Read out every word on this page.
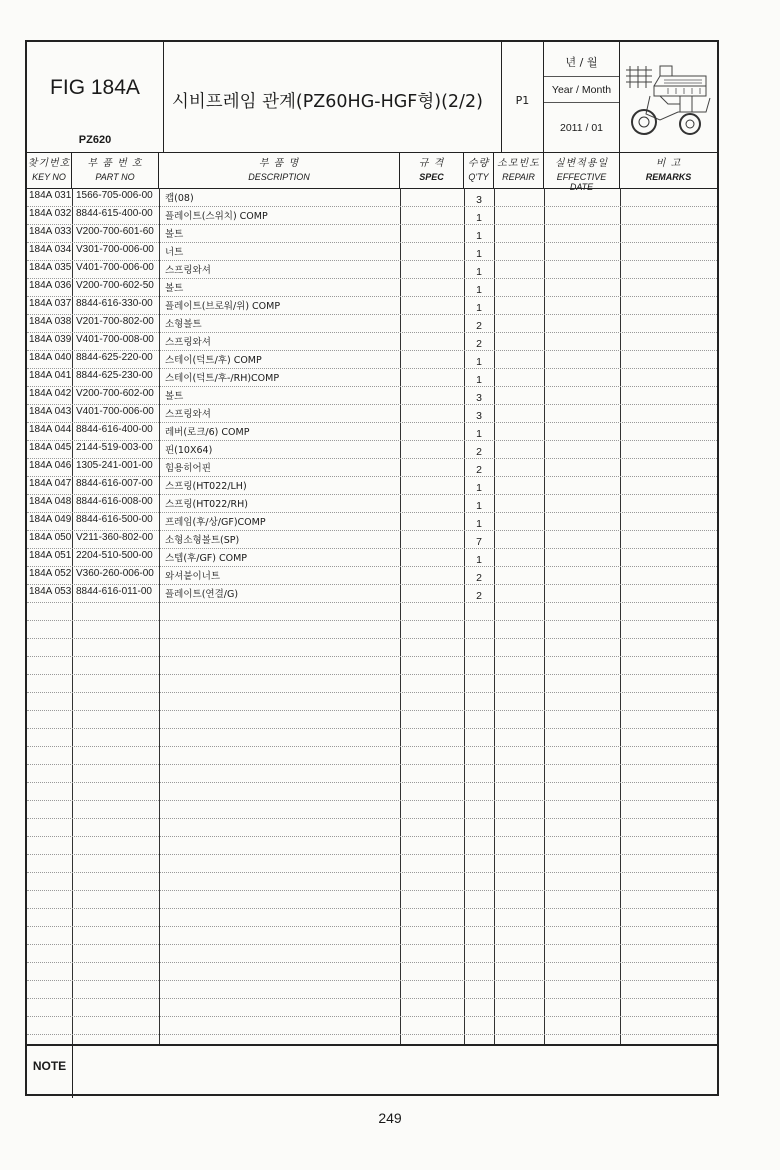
FIG 184A
PZ620
시비프레임 관계(PZ60HG-HGF형)(2/2)	P1
년 / 월
Year / Month
2011 / 01
찾기번호
KEY NO
부 품 번 호
PART NO
부 품 명
DESCRIPTION
규 격
SPEC
수량
Q'TY
소모빈도
REPAIR
실변적용일
EFFECTIVE DATE
비 고
REMARKS
184A 031 1566-705-006-00 캡(08)	3
184A 032 8844-615-400-00 플레이트(스위치) COMP	1
184A 033 V200-700-601-60 볼트	1
184A 034 V301-700-006-00 너트	1
184A 035 V401-700-006-00 스프링와셔	1
184A 036 V200-700-602-50 볼트	1
184A 037 8844-616-330-00 플레이트(브로워/위) COMP	1
184A 038 V201-700-802-00 소형볼트	2
184A 039 V401-700-008-00 스프링와셔	2
184A 040 8844-625-220-00 스테이(덕트/후) COMP	1
184A 041 8844-625-230-00 스테이(덕트/후-/RH)COMP	1
184A 042 V200-700-602-00 볼트	3
184A 043 V401-700-006-00 스프링와셔	3
184A 044 8844-616-400-00 레버(로크/6) COMP	1
184A 045 2144-519-003-00 핀(10X64)	2
184A 046 1305-241-001-00 힘용히어핀	2
184A 047 8844-616-007-00 스프링(HT022/LH)	1
184A 048 8844-616-008-00 스프링(HT022/RH)	1
184A 049 8844-616-500-00 프레임(후/상/GF)COMP	1
184A 050 V211-360-802-00 소형소형볼트(SP)	7
184A 051 2204-510-500-00 스텝(후/GF) COMP	1
184A 052 V360-260-006-00 와셔붙이너트	2
184A 053 8844-616-011-00 플레이트(연결/G)	2
NOTE
249
